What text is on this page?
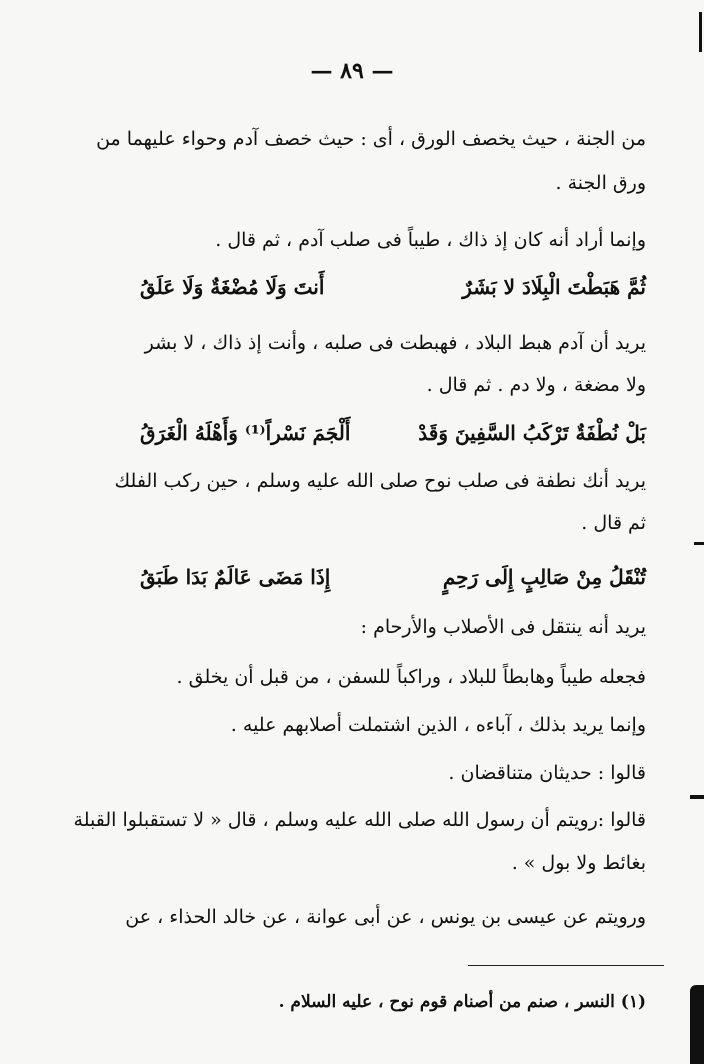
— ٨٩ —
من الجنة ، حيث يخصف الورق ، أى : حيث خصف آدم وحواء عليهما من
ورق الجنة .
وإنما أراد أنه كان إذ ذاك ، طيباً فى صلب آدم ، ثم قال .
ثُمَّ هَبَطْتَ الْبِلَادَ لا بَشَرٌ
أَنتَ وَلَا مُضْغَةٌ وَلَا عَلَقُ
يريد أن آدم هبط البلاد ، فهبطت فى صلبه ، وأنت إذ ذاك ، لا بشر
ولا مضغة ، ولا دم . ثم قال .
بَلْ نُطْفَةٌ تَرْكَبُ السَّفِينَ وَقَدْ
أَلْجَمَ نَسْراً⁽¹⁾ وَأَهْلَهُ الْغَرَقُ
يريد أنك نطفة فى صلب نوح صلى الله عليه وسلم ، حين ركب الفلك
ثم قال .
تُنْقَلُ مِنْ صَالِبٍ إِلَى رَحِمٍ
إِذَا مَضَى عَالَمٌ بَدَا طَبَقُ
يريد أنه ينتقل فى الأصلاب والأرحام :
فجعله طيباً وهابطاً للبلاد ، وراكباً للسفن ، من قبل أن يخلق .
وإنما يريد بذلك ، آباءه ، الذين اشتملت أصلابهم عليه .
قالوا : حديثان متناقضان .
قالوا :رويتم أن رسول الله صلى الله عليه وسلم ، قال « لا تستقبلوا القبلة
بغائط ولا بول » .
ورويتم عن عيسى بن يونس ، عن أبى عوانة ، عن خالد الحذاء ، عن
(١) النسر ، صنم من أصنام قوم نوح ، عليه السلام .
